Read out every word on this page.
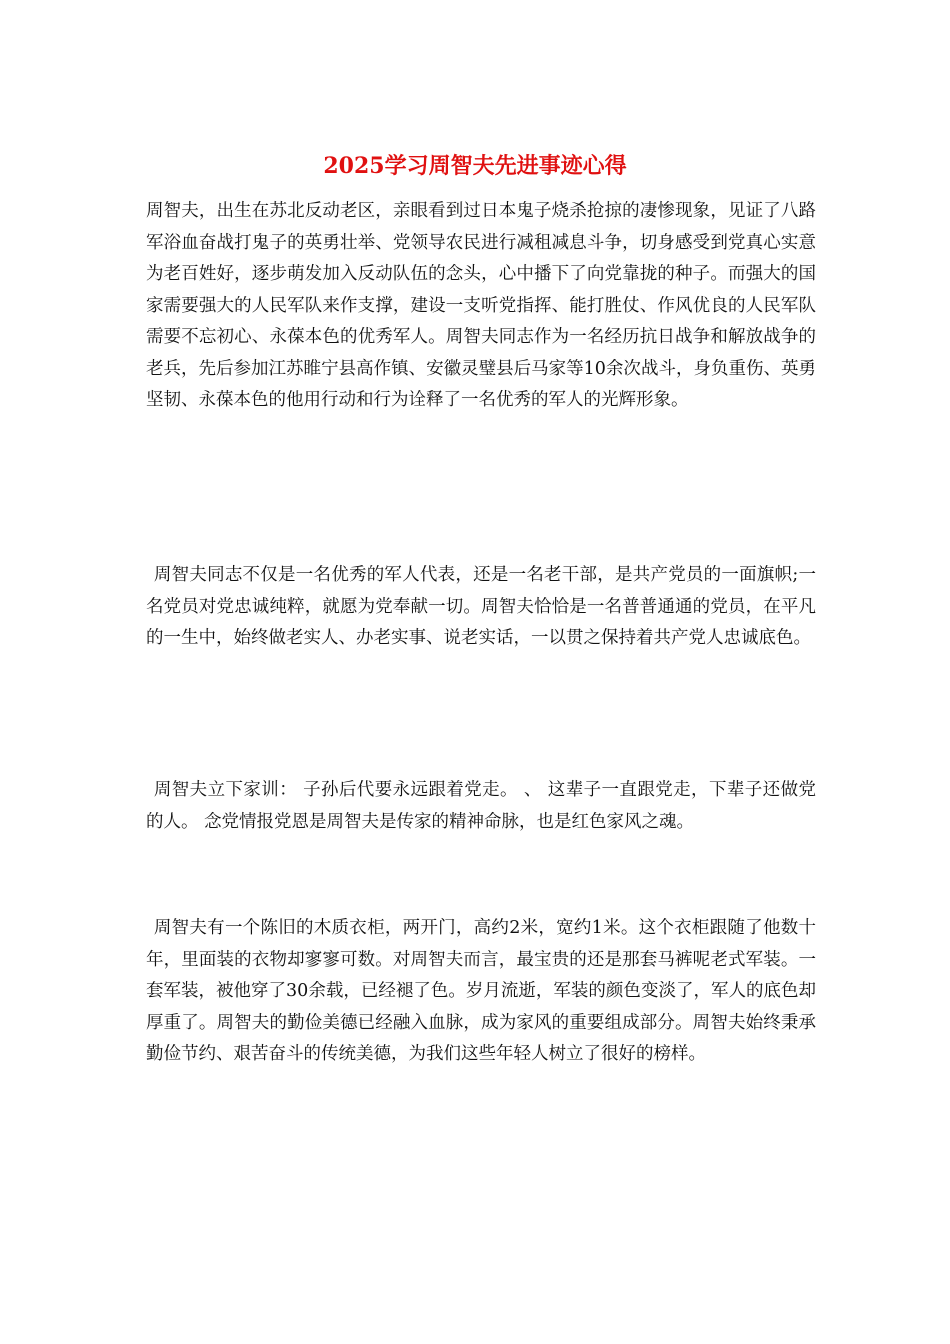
2025学习周智夫先进事迹心得

周智夫，出生在苏北反动老区，亲眼看到过日本鬼子烧杀抢掠的凄惨现象，见证了八路军浴血奋战打鬼子的英勇壮举、党领导农民进行减租减息斗争，切身感受到党真心实意为老百姓好，逐步萌发加入反动队伍的念头，心中播下了向党靠拢的种子。而强大的国家需要强大的人民军队来作支撑，建设一支听党指挥、能打胜仗、作风优良的人民军队需要不忘初心、永葆本色的优秀军人。周智夫同志作为一名经历抗日战争和解放战争的老兵，先后参加江苏睢宁县高作镇、安徽灵璧县后马家等10余次战斗，身负重伤、英勇坚韧、永葆本色的他用行动和行为诠释了一名优秀的军人的光辉形象。

周智夫同志不仅是一名优秀的军人代表，还是一名老干部，是共产党员的一面旗帜;一名党员对党忠诚纯粹，就愿为党奉献一切。周智夫恰恰是一名普普通通的党员，在平凡的一生中，始终做老实人、办老实事、说老实话，一以贯之保持着共产党人忠诚底色。

周智夫立下家训： 子孙后代要永远跟着党走。 、 这辈子一直跟党走，下辈子还做党的人。 念党情报党恩是周智夫是传家的精神命脉，也是红色家风之魂。

周智夫有一个陈旧的木质衣柜，两开门，高约2米，宽约1米。这个衣柜跟随了他数十年，里面装的衣物却寥寥可数。对周智夫而言，最宝贵的还是那套马裤呢老式军装。一套军装，被他穿了30余载，已经褪了色。岁月流逝，军装的颜色变淡了，军人的底色却厚重了。周智夫的勤俭美德已经融入血脉，成为家风的重要组成部分。周智夫始终秉承勤俭节约、艰苦奋斗的传统美德，为我们这些年轻人树立了很好的榜样。
